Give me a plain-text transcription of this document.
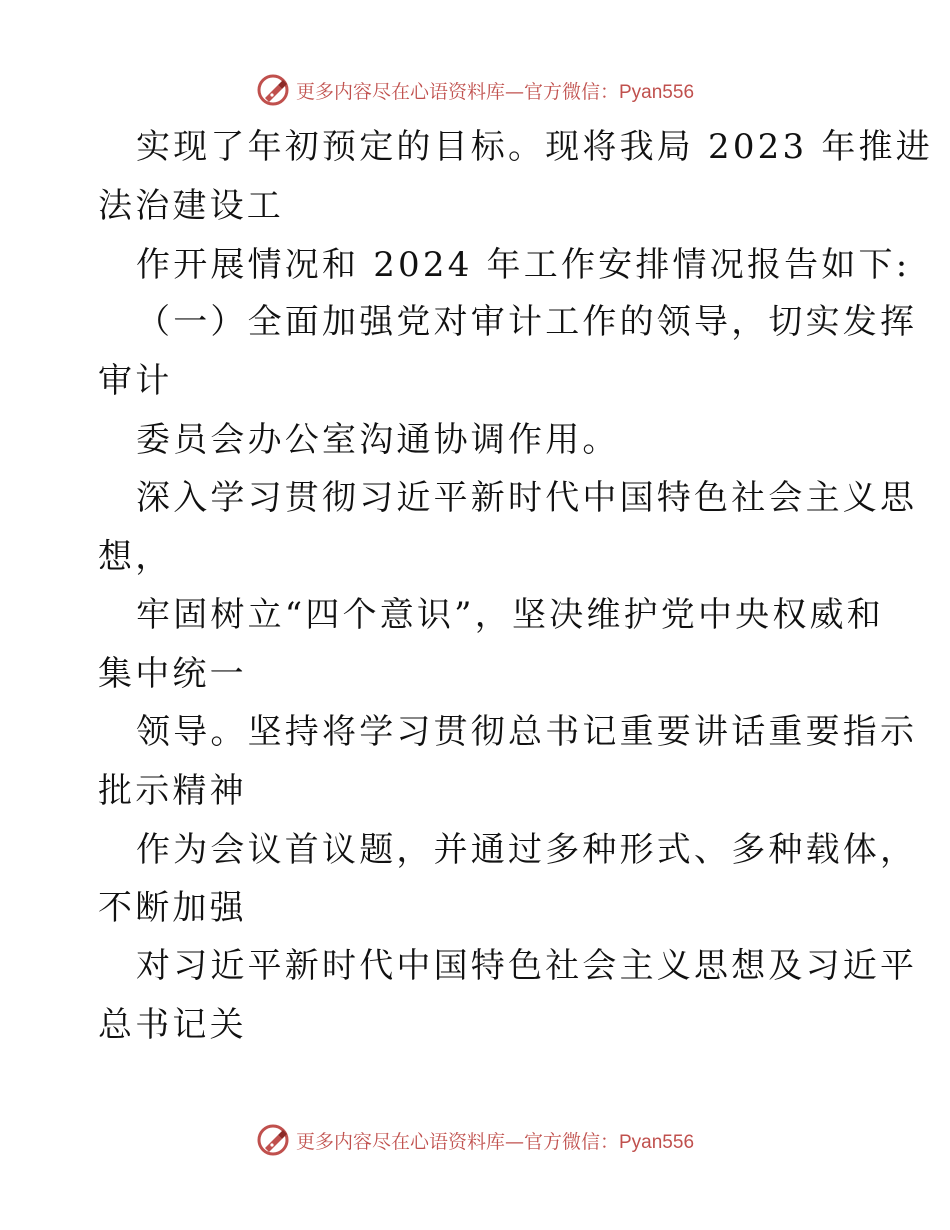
更多内容尽在心语资料库—官方微信：Pyan556

实现了年初预定的目标。现将我局 2023 年推进

法治建设工

作开展情况和 2024 年工作安排情况报告如下:

（一）全面加强党对审计工作的领导，切实发挥

审计

委员会办公室沟通协调作用。

深入学习贯彻习近平新时代中国特色社会主义思

想，

牢固树立“四个意识”，坚决维护党中央权威和

集中统一

领导。坚持将学习贯彻总书记重要讲话重要指示

批示精神

作为会议首议题，并通过多种形式、多种载体，

不断加强

对习近平新时代中国特色社会主义思想及习近平

总书记关

更多内容尽在心语资料库—官方微信：Pyan556
